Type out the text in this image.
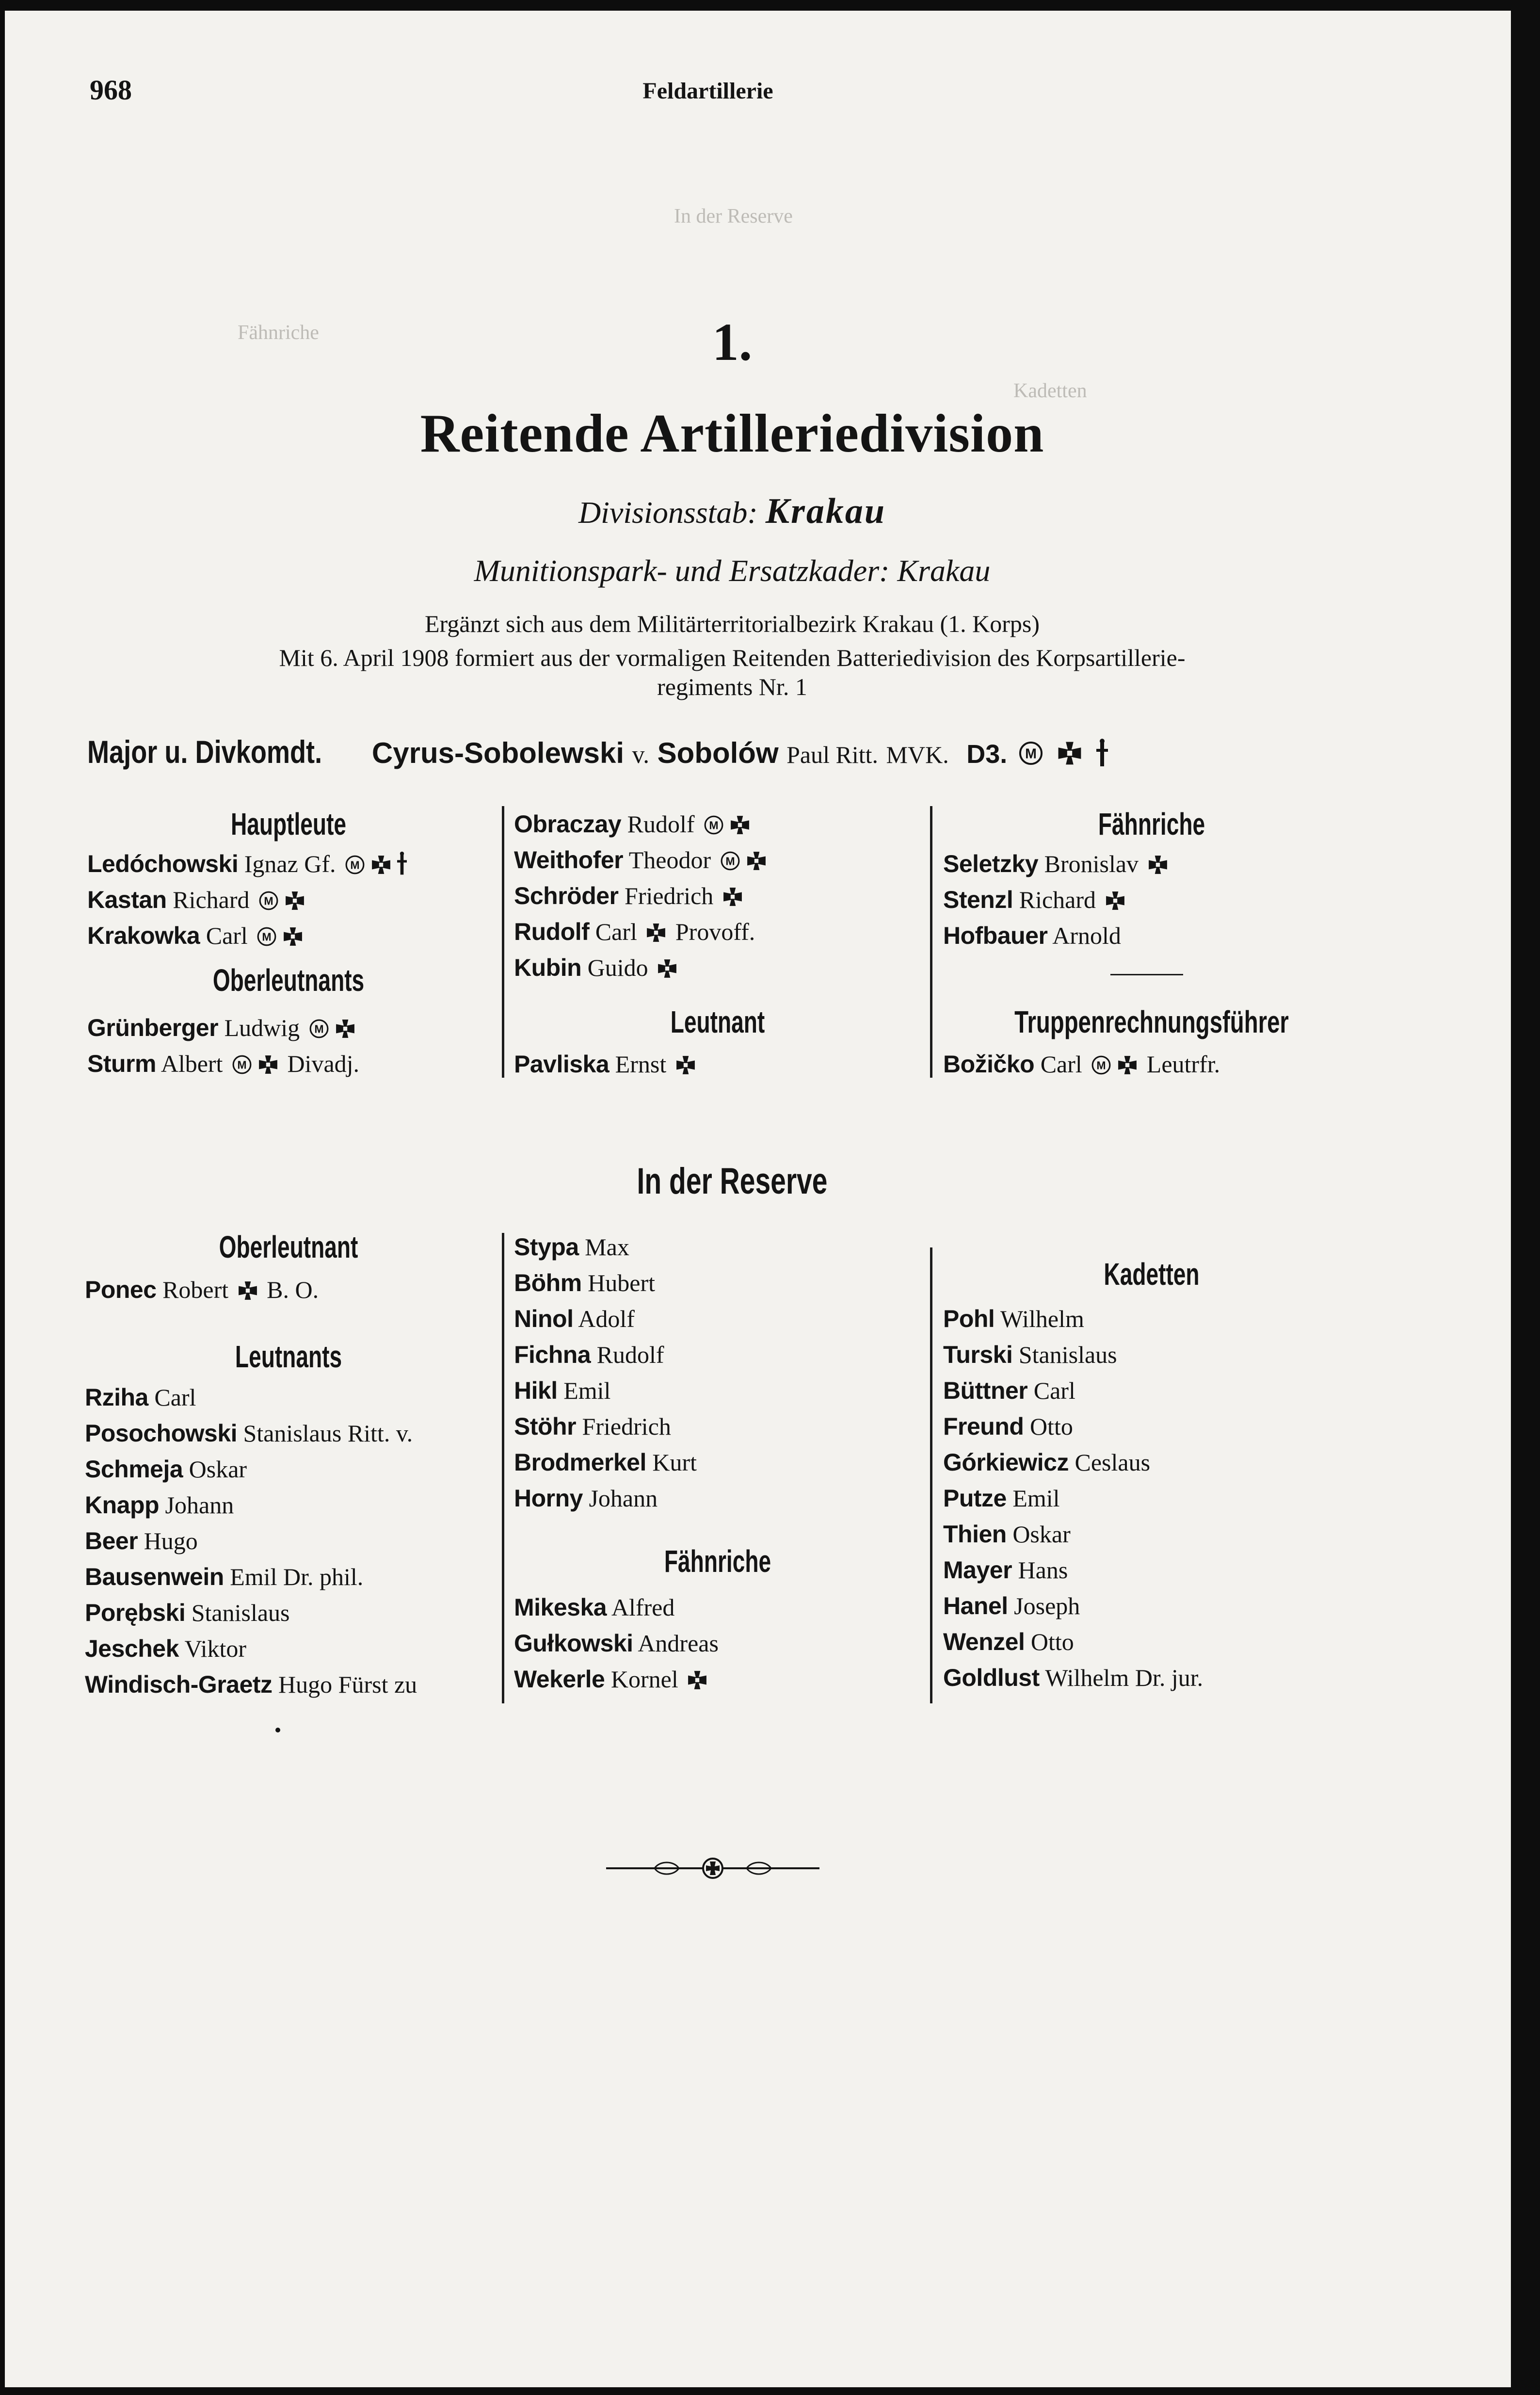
In der Reserve
Fähnriche
Kadetten
968	Feldartillerie
1.
Reitende Artilleriedivision
Divisionsstab: Krakau
Munitionspark- und Ersatzkader: Krakau
Ergänzt sich aus dem Militärterritorialbezirk Krakau (1. Korps)
Mit 6. April 1908 formiert aus der vormaligen Reitenden Batteriedivision des Korpsartillerie-
regiments Nr. 1
Major u. Divkomdt. Cyrus-Sobolewski v. Sobolów Paul Ritt. MVK. D3.
Hauptleute
Ledóchowski Ignaz Gf.
Kastan Richard
Krakowka Carl
Oberleutnants
Grünberger Ludwig
Sturm Albert	Divadj.
Obraczay Rudolf
Weithofer Theodor
Schröder Friedrich
Rudolf Carl Provoff.
Kubin Guido
Leutnant
Pavliska Ernst
Fähnriche
Seletzky Bronislav
Stenzl Richard
Hofbauer Arnold
Truppenrechnungsführer
Božičko Carl	Leutrfr.
In der Reserve
Oberleutnant
Ponec Robert B. O.
Leutnants
Rziha Carl
Posochowski Stanislaus Ritt. v.
Schmeja Oskar
Knapp Johann
Beer Hugo
Bausenwein Emil Dr. phil.
Porębski Stanislaus
Jeschek Viktor
Windisch-Graetz Hugo Fürst zu
Stypa Max
Böhm Hubert
Ninol Adolf
Fichna Rudolf
Hikl Emil
Stöhr Friedrich
Brodmerkel Kurt
Horny Johann
Fähnriche
Mikeska Alfred
Gułkowski Andreas
Wekerle Kornel
Kadetten
Pohl Wilhelm
Turski Stanislaus
Büttner Carl
Freund Otto
Górkiewicz Ceslaus
Putze Emil
Thien Oskar
Mayer Hans
Hanel Joseph
Wenzel Otto
Goldlust Wilhelm Dr. jur.
